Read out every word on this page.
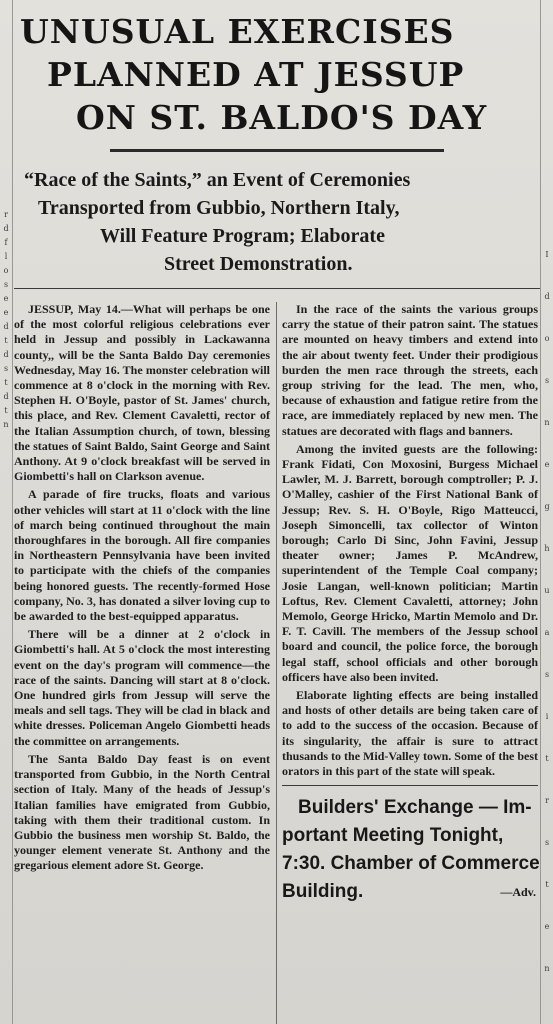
r
d
f
l
o
s
e
e
d
t
d
s
t
d
t
n
I
d
o
s
n
e
g
h
u
a
s
i
t
r
s
t
e
n
UNUSUAL EXERCISES
PLANNED AT JESSUP
ON ST. BALDO'S DAY
“Race of the Saints,” an Event of Ceremonies
Transported from Gubbio, Northern Italy,
Will Feature Program; Elaborate
Street Demonstration.

JESSUP, May 14.—What will perhaps be one of the most colorful religious celebrations ever held in Jessup and possibly in Lackawanna county,, will be the Santa Baldo Day ceremonies Wednesday, May 16. The monster celebration will commence at 8 o'clock in the morning with Rev. Stephen H. O'Boyle, pastor of St. James' church, this place, and Rev. Clement Cavaletti, rector of the Italian Assumption church, of town, blessing the statues of Saint Baldo, Saint George and Saint Anthony. At 9 o'clock breakfast will be served in Giombetti's hall on Clarkson avenue.

A parade of fire trucks, floats and various other vehicles will start at 11 o'clock with the line of march being continued throughout the main thoroughfares in the borough. All fire companies in Northeastern Pennsylvania have been invited to participate with the chiefs of the companies being honored guests. The recently-formed Hose company, No. 3, has donated a silver loving cup to be awarded to the best-equipped apparatus.

There will be a dinner at 2 o'clock in Giombetti's hall. At 5 o'clock the most interesting event on the day's program will commence—the race of the saints. Dancing will start at 8 o'clock. One hundred girls from Jessup will serve the meals and sell tags. They will be clad in black and white dresses. Policeman Angelo Giombetti heads the committee on arrangements.

The Santa Baldo Day feast is on event transported from Gubbio, in the North Central section of Italy. Many of the heads of Jessup's Italian families have emigrated from Gubbio, taking with them their traditional custom. In Gubbio the business men worship St. Baldo, the younger element venerate St. Anthony and the gregarious element adore St. George.

In the race of the saints the various groups carry the statue of their patron saint. The statues are mounted on heavy timbers and extend into the air about twenty feet. Under their prodigious burden the men race through the streets, each group striving for the lead. The men, who, because of exhaustion and fatigue retire from the race, are immediately replaced by new men. The statues are decorated with flags and banners.

Among the invited guests are the following: Frank Fidati, Con Moxosini, Burgess Michael Lawler, M. J. Barrett, borough comptroller; P. J. O'Malley, cashier of the First National Bank of Jessup; Rev. S. H. O'Boyle, Rigo Matteucci, Joseph Simoncelli, tax collector of Winton borough; Carlo Di Sinc, John Favini, Jessup theater owner; James P. McAndrew, superintendent of the Temple Coal company; Josie Langan, well-known politician; Martin Loftus, Rev. Clement Cavaletti, attorney; John Memolo, George Hricko, Martin Memolo and Dr. F. T. Cavill. The members of the Jessup school board and council, the police force, the borough legal staff, school officials and other borough officers have also been invited.

Elaborate lighting effects are being installed and hosts of other details are being taken care of to add to the success of the occasion. Because of its singularity, the affair is sure to attract thusands to the Mid-Valley town. Some of the best orators in this part of the state will speak.

Builders' Exchange — Im-
portant Meeting Tonight,
7:30. Chamber of Commerce
Building.	—Adv.
